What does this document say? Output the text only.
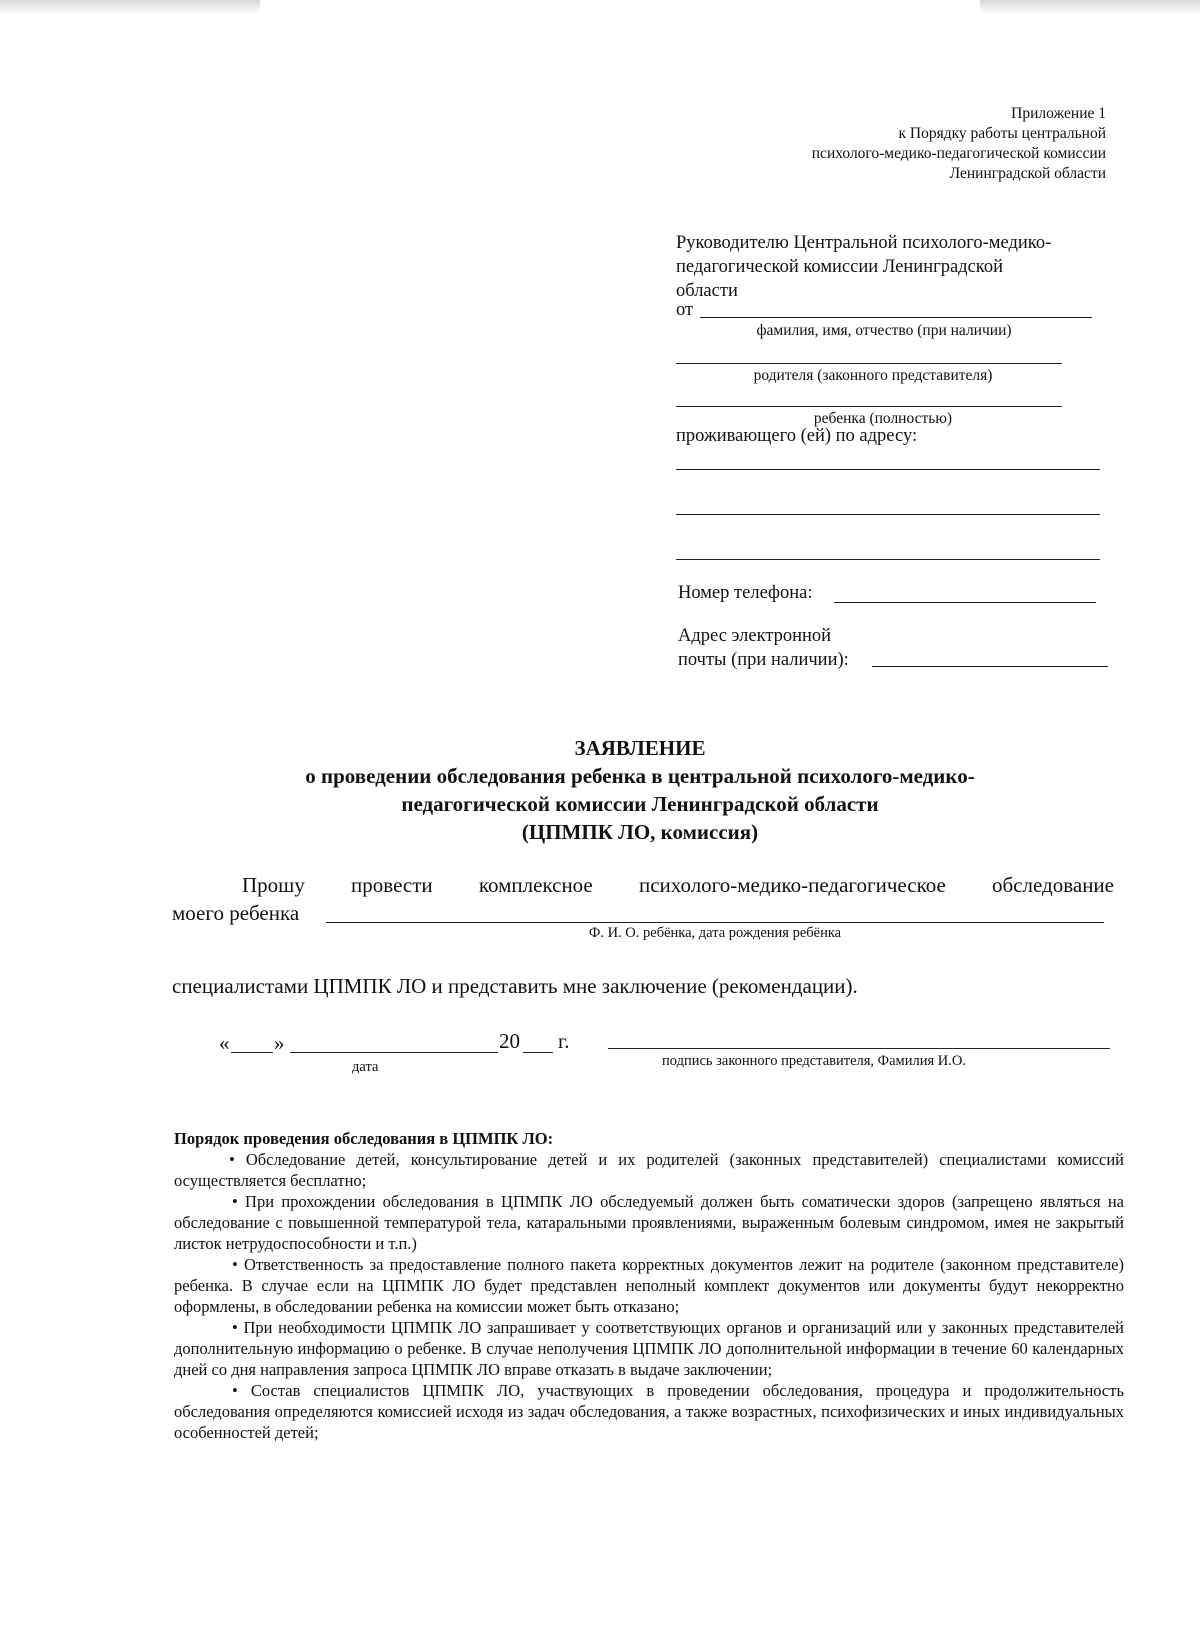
Приложение 1
к Порядку работы центральной
психолого-медико-педагогической комиссии
Ленинградской области
Руководителю Центральной психолого-медико-
педагогической комиссии Ленинградской
области
от
фамилия, имя, отчество (при наличии)
родителя (законного представителя)
ребенка (полностью)
проживающего (ей) по адресу:
Номер телефона:
Адрес электронной
почты (при наличии):
ЗАЯВЛЕНИЕ
о проведении обследования ребенка в центральной психолого-медико-
педагогической комиссии Ленинградской области
(ЦПМПК ЛО, комиссия)
Прошу провести комплексное психолого-медико-педагогическое обследование
моего ребенка
Ф. И. О. ребёнка, дата рождения ребёнка
специалистами ЦПМПК ЛО и представить мне заключение (рекомендации).
« »	20 г.
дата	подпись законного представителя, Фамилия И.О.
Порядок проведения обследования в ЦПМПК ЛО:

• Обследование детей, консультирование детей и их родителей (законных представителей) специалистами комиссий осуществляется бесплатно;

• При прохождении обследования в ЦПМПК ЛО обследуемый должен быть соматически здоров (запрещено являться на обследование с повышенной температурой тела, катаральными проявлениями, выраженным болевым синдромом, имея не закрытый листок нетрудоспособности и т.п.)

• Ответственность за предоставление полного пакета корректных документов лежит на родителе (законном представителе) ребенка. В случае если на ЦПМПК ЛО будет представлен неполный комплект документов или документы будут некорректно оформлены, в обследовании ребенка на комиссии может быть отказано;

• При необходимости ЦПМПК ЛО запрашивает у соответствующих органов и организаций или у законных представителей дополнительную информацию о ребенке. В случае неполучения ЦПМПК ЛО дополнительной информации в течение 60 календарных дней со дня направления запроса ЦПМПК ЛО вправе отказать в выдаче заключении;

• Состав специалистов ЦПМПК ЛО, участвующих в проведении обследования, процедура и продолжительность обследования определяются комиссией исходя из задач обследования, а также возрастных, психофизических и иных индивидуальных особенностей детей;
